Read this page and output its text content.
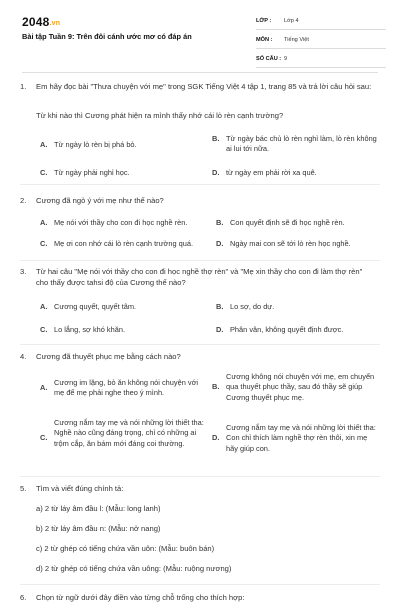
2048.vn
Bài tập Tuần 9: Trên đôi cánh ước mơ có đáp án
LỚP :	Lớp 4
MÔN :	Tiếng Việt
SỐ CÂU : 9
1. Em hãy đọc bài "Thưa chuyện với mẹ" trong SGK Tiếng Việt 4 tập 1, trang 85 và trả lời câu hỏi sau:
Từ khi nào thì Cương phát hiện ra mình thấy nhớ cái lò rèn cạnh trường?
A. Từ ngày lò rèn bị phá bỏ.
B. Từ ngày bác chủ lò rèn nghỉ làm, lò rèn không ai lui tới nữa.
C. Từ ngày phải nghỉ học.	D. từ ngày em phải rời xa quê.
2. Cương đã ngỏ ý với mẹ như thế nào?
A. Mẹ nói với thầy cho con đi học nghề rèn.	B. Con quyết định sẽ đi học nghề rèn.
C. Mẹ ơi con nhớ cái lò rèn cạnh trường quá.	D. Ngày mai con sẽ tới lò rèn học nghề.
3. Từ hai câu "Mẹ nói với thầy cho con đi học nghề thợ rèn" và "Mẹ xin thầy cho con đi làm thợ rèn" cho thấy được tahsi độ của Cương thế nào?
A. Cương quyết, quyết tâm.	B. Lo sợ, do dự.
C. Lo lắng, sợ khó khăn.	D. Phân vân, không quyết định được.
4. Cương đã thuyết phục mẹ bằng cách nào?
A.
Cương im lặng, bỏ ăn không nói chuyện với mẹ để mẹ phải nghe theo ý mình.
B.
Cương không nói chuyện với mẹ, em chuyển qua thuyết phục thầy, sau đó thầy sẽ giúp Cương thuyết phục mẹ.
C.
Cương nắm tay mẹ và nói những lời thiết tha: Nghề nào cũng đáng trọng, chỉ có những ai trộm cắp, ăn bám mới đáng coi thường.
D.
Cương nắm tay mẹ và nói những lời thiết tha: Con chỉ thích làm nghề thợ rèn thôi, xin mẹ hãy giúp con.
5. Tìm và viết đúng chính tả:
a) 2 từ láy âm đầu l: (Mẫu: long lanh)
b) 2 từ láy âm đầu n: (Mẫu: nở nang)
c) 2 từ ghép có tiếng chứa vần uôn: (Mẫu: buôn bán)
d) 2 từ ghép có tiếng chứa vần uông: (Mẫu: ruộng nương)
6. Chọn từ ngữ dưới đây điền vào từng chỗ trống cho thích hợp:
